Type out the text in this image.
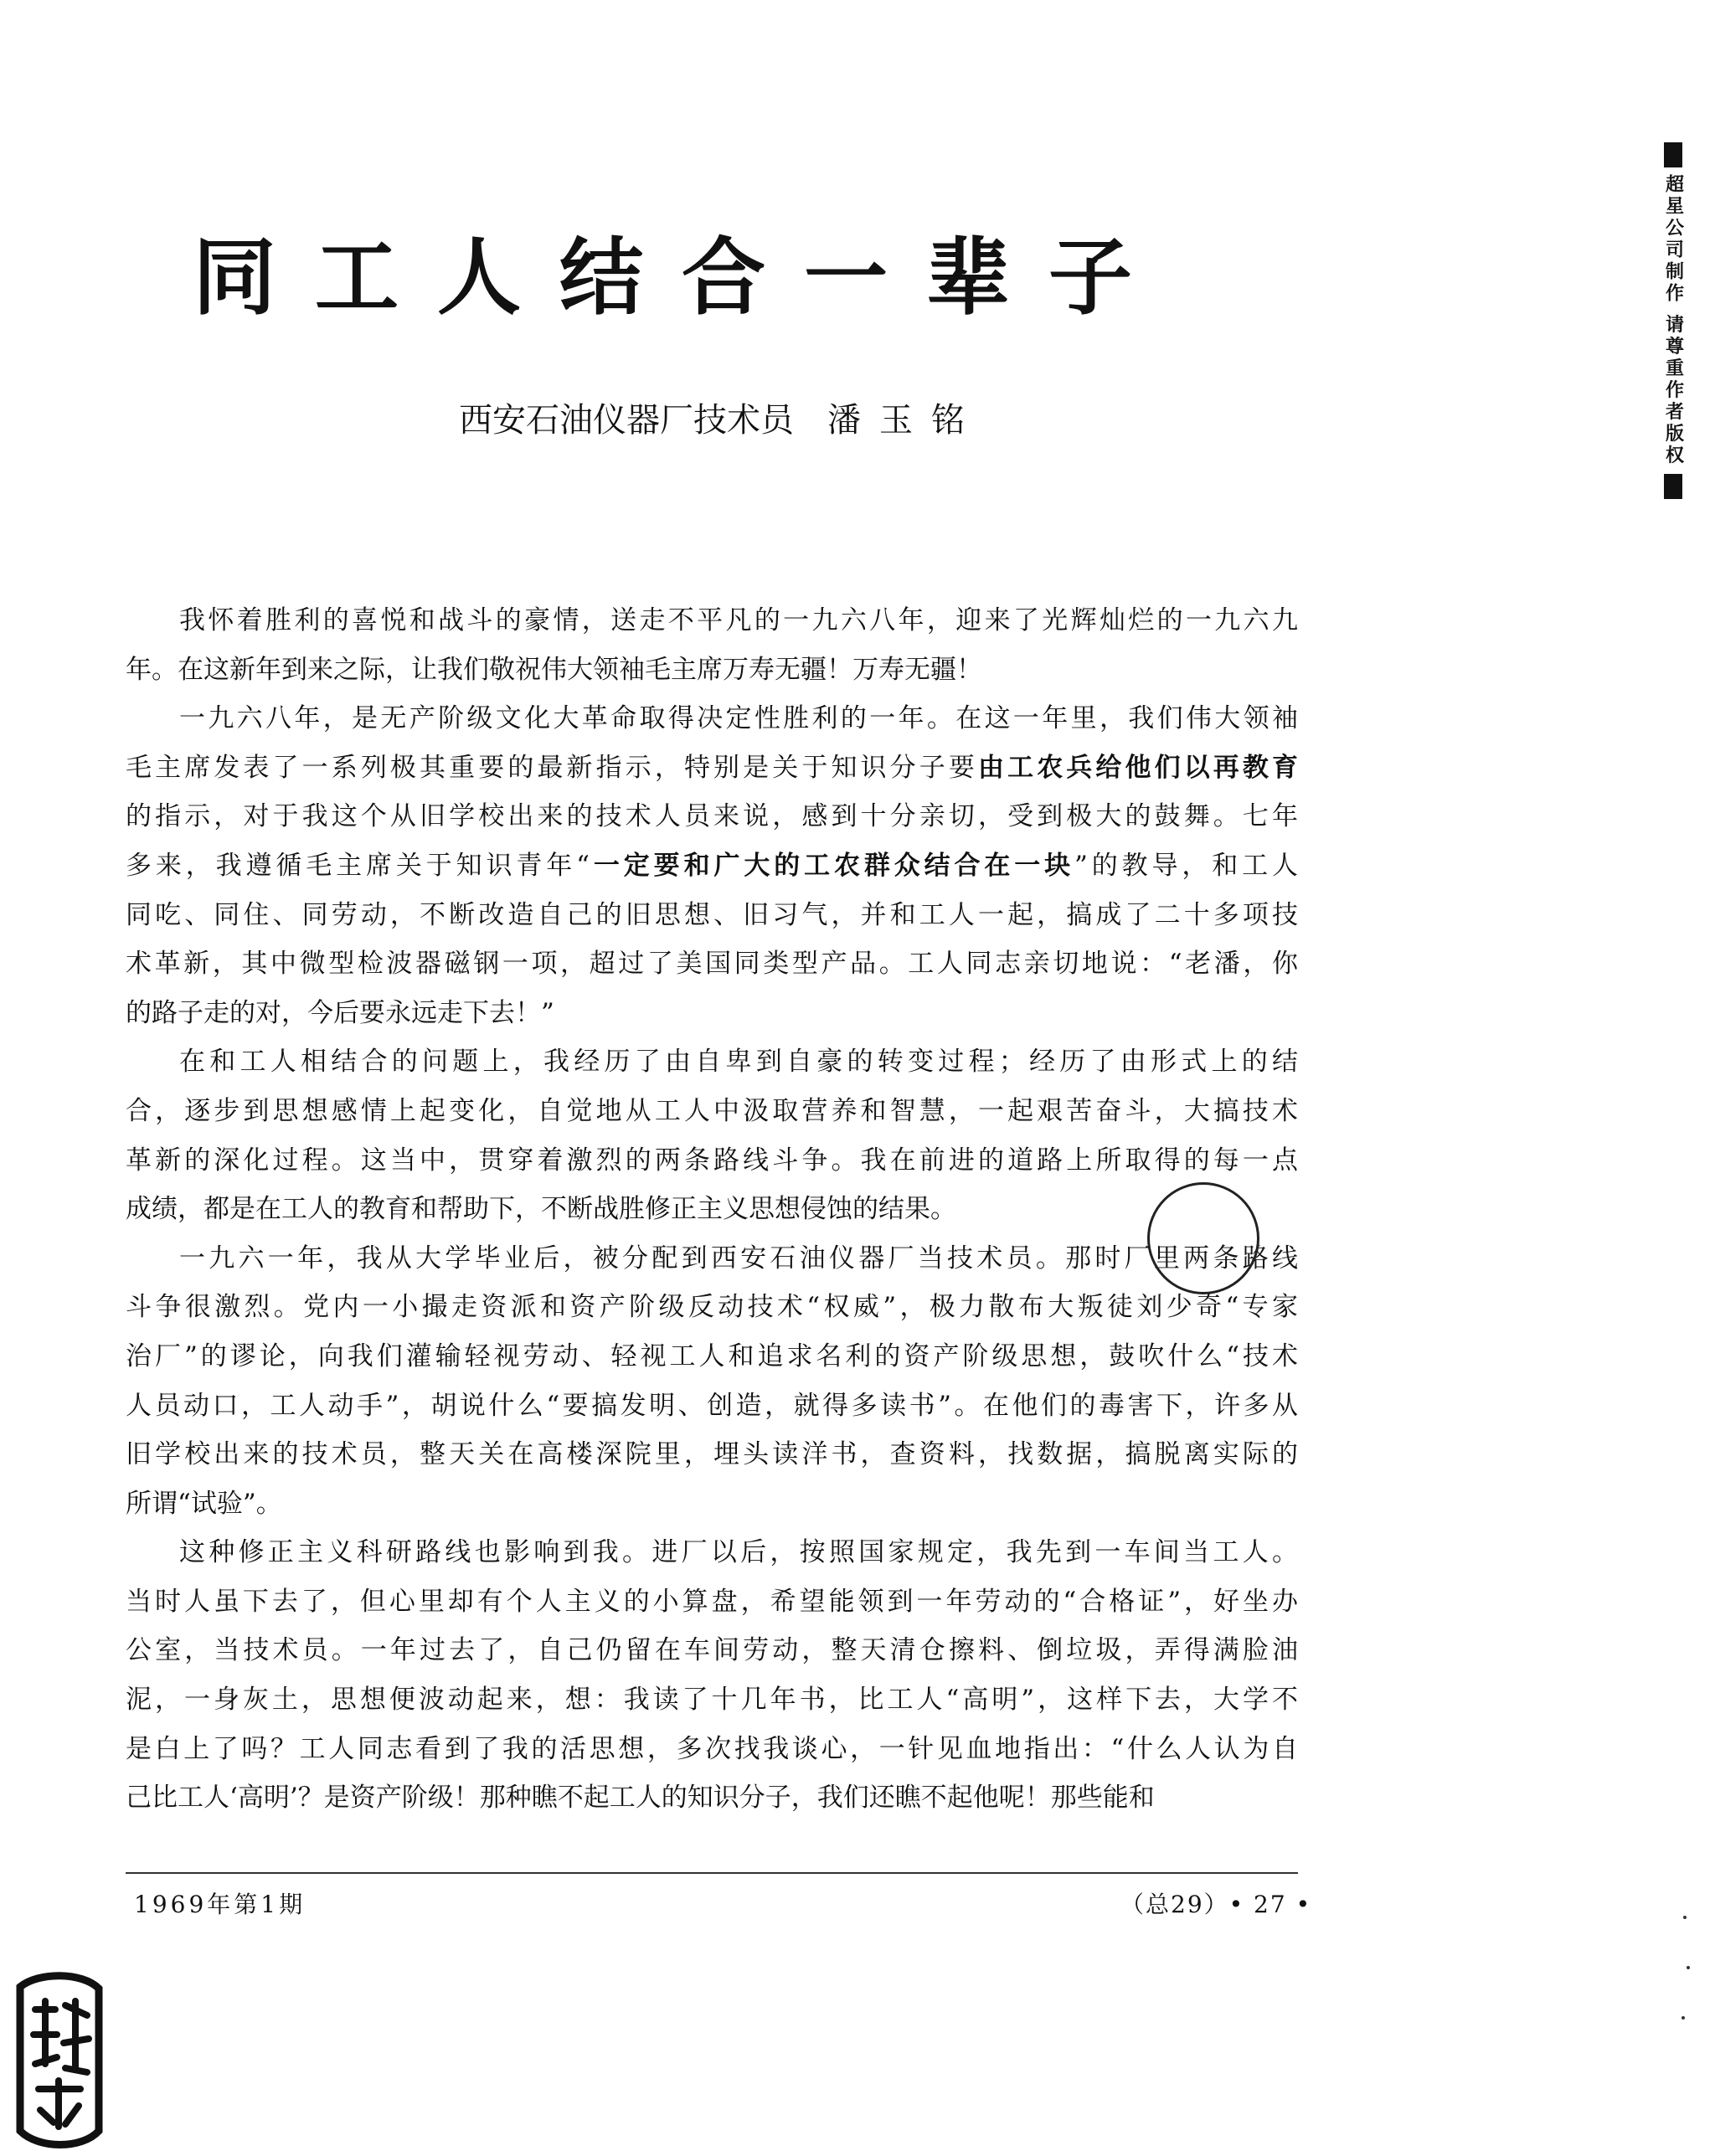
同工人结合一辈子
西安石油仪器厂技术员 潘玉铭
我怀着胜利的喜悦和战斗的豪情，送走不平凡的一九六八年，迎来了光辉灿烂的一九六九
年。在这新年到来之际，让我们敬祝伟大领袖毛主席万寿无疆！万寿无疆！
一九六八年，是无产阶级文化大革命取得决定性胜利的一年。在这一年里，我们伟大领袖
毛主席发表了一系列极其重要的最新指示，特别是关于知识分子要由工农兵给他们以再教育
的指示，对于我这个从旧学校出来的技术人员来说，感到十分亲切，受到极大的鼓舞。七年
多来，我遵循毛主席关于知识青年“一定要和广大的工农群众结合在一块”的教导，和工人
同吃、同住、同劳动，不断改造自己的旧思想、旧习气，并和工人一起，搞成了二十多项技
术革新，其中微型检波器磁钢一项，超过了美国同类型产品。工人同志亲切地说：“老潘，你
的路子走的对，今后要永远走下去！”
在和工人相结合的问题上，我经历了由自卑到自豪的转变过程；经历了由形式上的结
合，逐步到思想感情上起变化，自觉地从工人中汲取营养和智慧，一起艰苦奋斗，大搞技术
革新的深化过程。这当中，贯穿着激烈的两条路线斗争。我在前进的道路上所取得的每一点
成绩，都是在工人的教育和帮助下，不断战胜修正主义思想侵蚀的结果。
一九六一年，我从大学毕业后，被分配到西安石油仪器厂当技术员。那时厂里两条路线
斗争很激烈。党内一小撮走资派和资产阶级反动技术“权威”，极力散布大叛徒刘少奇“专家
治厂”的谬论，向我们灌输轻视劳动、轻视工人和追求名利的资产阶级思想，鼓吹什么“技术
人员动口，工人动手”，胡说什么“要搞发明、创造，就得多读书”。在他们的毒害下，许多从
旧学校出来的技术员，整天关在高楼深院里，埋头读洋书，查资料，找数据，搞脱离实际的
所谓“试验”。
这种修正主义科研路线也影响到我。进厂以后，按照国家规定，我先到一车间当工人。
当时人虽下去了，但心里却有个人主义的小算盘，希望能领到一年劳动的“合格证”，好坐办
公室，当技术员。一年过去了，自己仍留在车间劳动，整天清仓擦料、倒垃圾，弄得满脸油
泥，一身灰土，思想便波动起来，想：我读了十几年书，比工人“高明”，这样下去，大学不
是白上了吗？工人同志看到了我的活思想，多次找我谈心，一针见血地指出：“什么人认为自
己比工人‘高明’？是资产阶级！那种瞧不起工人的知识分子，我们还瞧不起他呢！那些能和
1969年第1期	（总29）• 27 •
超星公司制作 请尊重作者版权
